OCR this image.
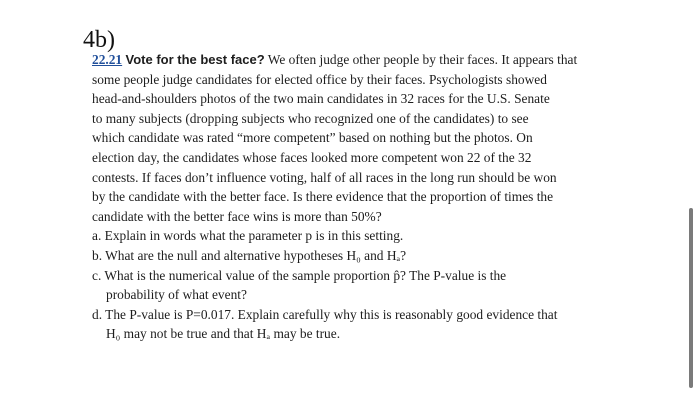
4b)
22.21 Vote for the best face? We often judge other people by their faces. It appears that
some people judge candidates for elected office by their faces. Psychologists showed
head-and-shoulders photos of the two main candidates in 32 races for the U.S. Senate
to many subjects (dropping subjects who recognized one of the candidates) to see
which candidate was rated “more competent” based on nothing but the photos. On
election day, the candidates whose faces looked more competent won 22 of the 32
contests. If faces don’t influence voting, half of all races in the long run should be won
by the candidate with the better face. Is there evidence that the proportion of times the
candidate with the better face wins is more than 50%?
a. Explain in words what the parameter p is in this setting.
b. What are the null and alternative hypotheses H₀ and Hₐ?
c. What is the numerical value of the sample proportion p̂? The P-value is the
probability of what event?
d. The P-value is P=0.017. Explain carefully why this is reasonably good evidence that
H₀ may not be true and that Hₐ may be true.
